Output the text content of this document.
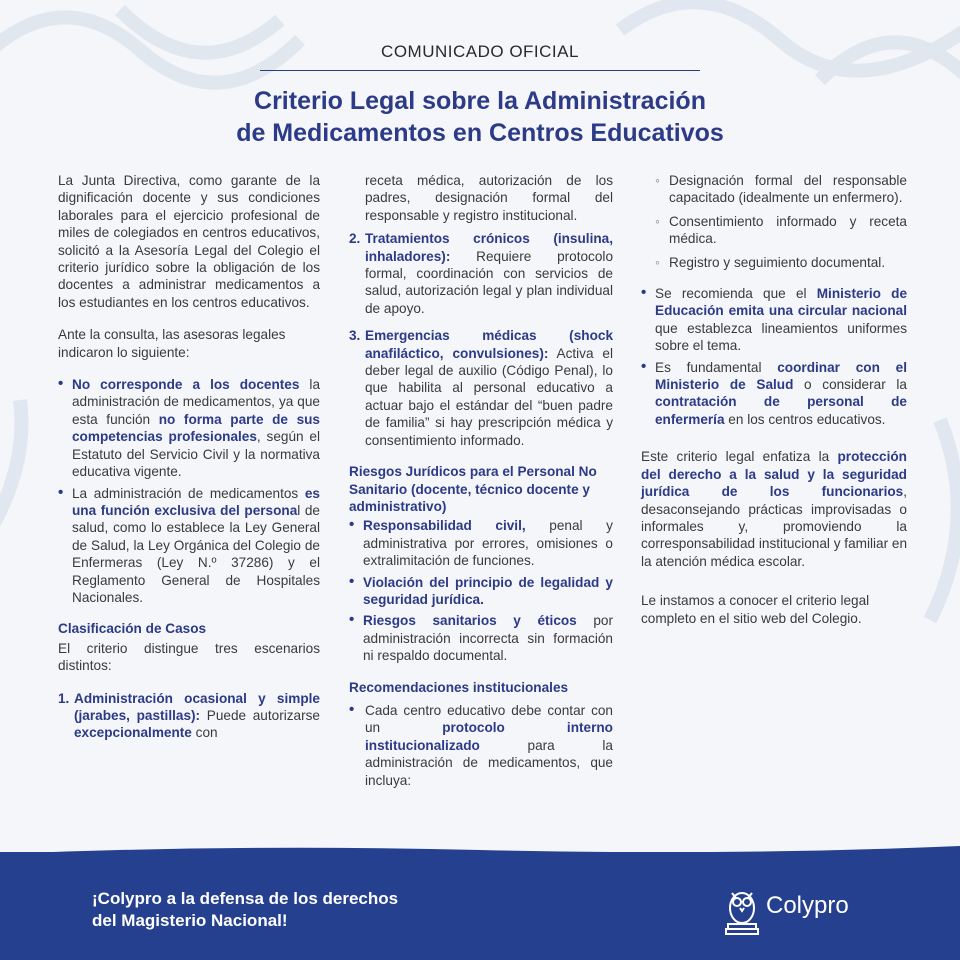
COMUNICADO OFICIAL
Criterio Legal sobre la Administración
de Medicamentos en Centros Educativos

La Junta Directiva, como garante de la dignificación docente y sus condiciones laborales para el ejercicio profesional de miles de colegiados en centros educativos, solicitó a la Asesoría Legal del Colegio el criterio jurídico sobre la obligación de los docentes a administrar medicamentos a los estudiantes en los centros educativos.

Ante la consulta, las asesoras legales indicaron lo siguiente:

• No corresponde a los docentes la administración de medicamentos, ya que esta función no forma parte de sus competencias profesionales, según el Estatuto del Servicio Civil y la normativa educativa vigente.
• La administración de medicamentos es una función exclusiva del personal de salud, como lo establece la Ley General de Salud, la Ley Orgánica del Colegio de Enfermeras (Ley N.º 37286) y el Reglamento General de Hospitales Nacionales.
Clasificación de Casos

El criterio distingue tres escenarios distintos:

1. Administración ocasional y simple (jarabes, pastillas): Puede autorizarse excepcionalmente con
receta médica, autorización de los padres, designación formal del responsable y registro institucional.
2. Tratamientos crónicos (insulina, inhaladores): Requiere protocolo formal, coordinación con servicios de salud, autorización legal y plan individual de apoyo.
3. Emergencias médicas (shock anafiláctico, convulsiones): Activa el deber legal de auxilio (Código Penal), lo que habilita al personal educativo a actuar bajo el estándar del “buen padre de familia” si hay prescripción médica y consentimiento informado.
Riesgos Jurídicos para el Personal No Sanitario (docente, técnico docente y administrativo)
• Responsabilidad civil, penal y administrativa por errores, omisiones o extralimitación de funciones.
• Violación del principio de legalidad y seguridad jurídica.
• Riesgos sanitarios y éticos por administración incorrecta sin formación ni respaldo documental.
Recomendaciones institucionales
• Cada centro educativo debe contar con un protocolo interno institucionalizado para la administración de medicamentos, que incluya:
◦ Designación formal del responsable capacitado (idealmente un enfermero).
◦ Consentimiento informado y receta médica.
◦ Registro y seguimiento documental.
• Se recomienda que el Ministerio de Educación emita una circular nacional que establezca lineamientos uniformes sobre el tema.
• Es fundamental coordinar con el Ministerio de Salud o considerar la contratación de personal de enfermería en los centros educativos.

Este criterio legal enfatiza la protección del derecho a la salud y la seguridad jurídica de los funcionarios, desaconsejando prácticas improvisadas o informales y, promoviendo la corresponsabilidad institucional y familiar en la atención médica escolar.

Le instamos a conocer el criterio legal completo en el sitio web del Colegio.

¡Colypro a la defensa de los derechos
del Magisterio Nacional!
Colypro
